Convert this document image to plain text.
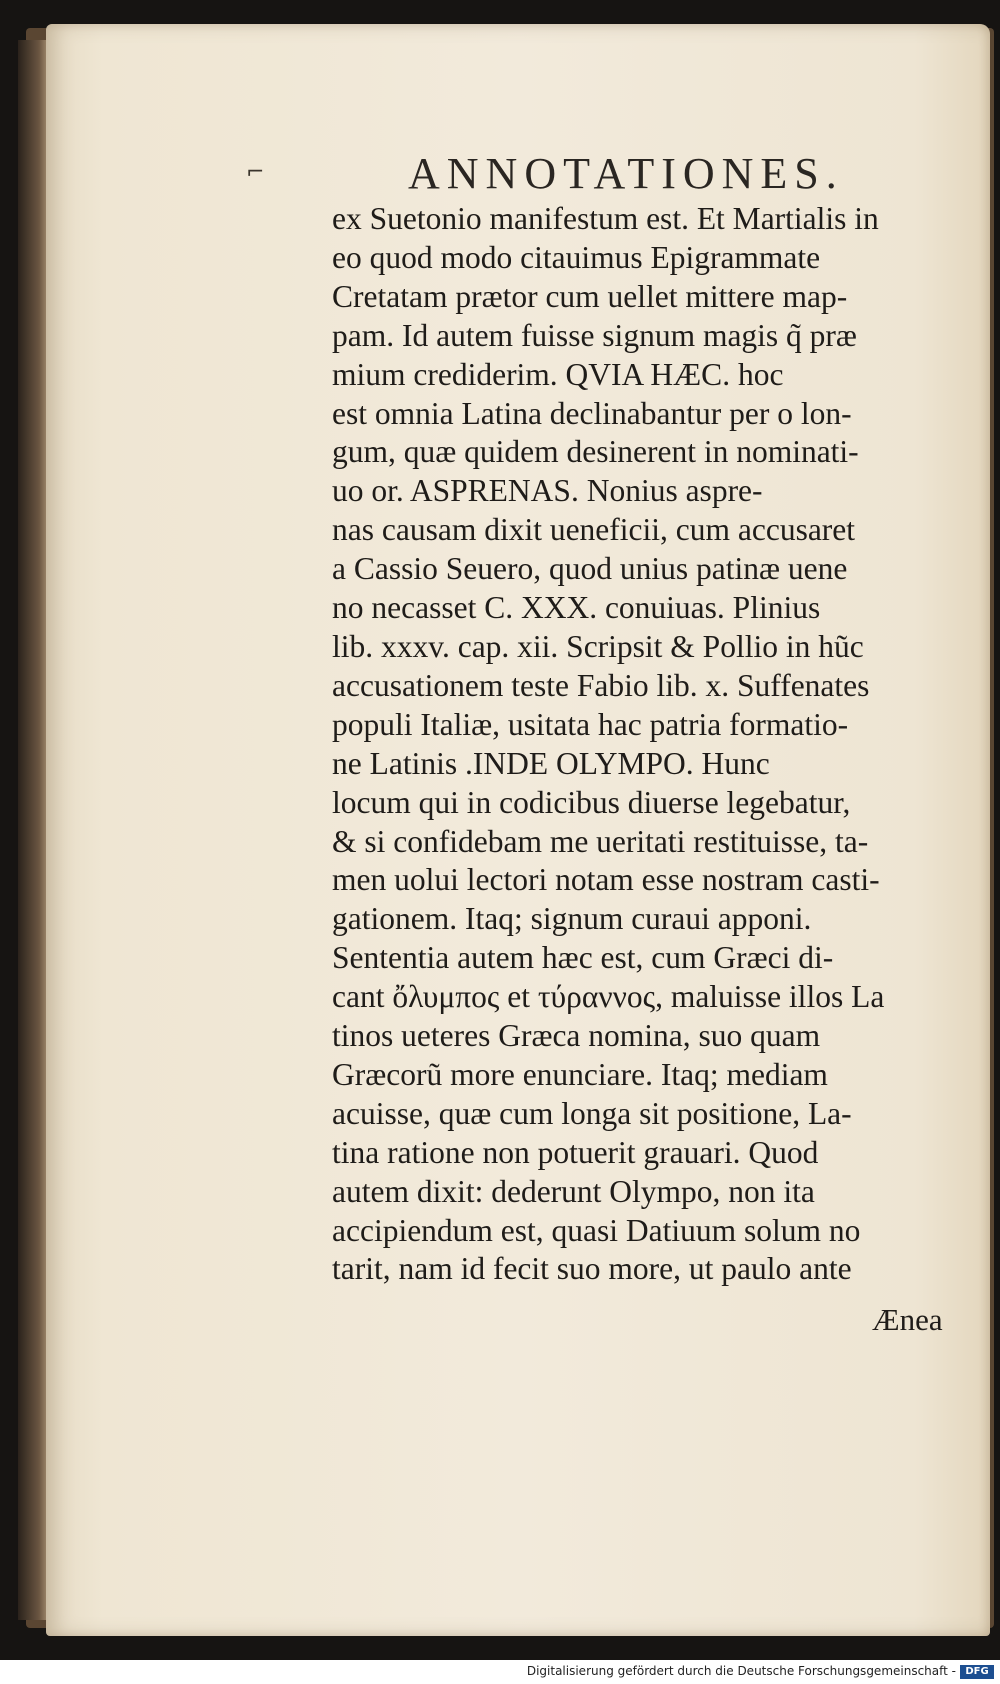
⌐	ANNOTATIONES.
ex Suetonio manifestum est. Et Martialis in
eo quod modo citauimus Epigrammate
Cretatam prætor cum uellet mittere map-
pam. Id autem fuisse signum magis q̃ præ
mium crediderim. QVIA HÆC. hoc
est omnia Latina declinabantur per o lon-
gum, quæ quidem desinerent in nominati-
uo or. ASPRENAS. Nonius aspre-
nas causam dixit ueneficii, cum accusaret
a Cassio Seuero, quod unius patinæ uene
no necasset C. XXX. conuiuas. Plinius
lib. xxxv. cap. xii. Scripsit & Pollio in hũc
accusationem teste Fabio lib. x. Suffenates
populi Italiæ, usitata hac patria formatio-
ne Latinis .INDE OLYMPO. Hunc
locum qui in codicibus diuerse legebatur,
& si confidebam me ueritati restituisse, ta-
men uolui lectori notam esse nostram casti-
gationem. Itaq; signum curaui apponi.
Sententia autem hæc est, cum Græci di-
cant ὄλυμπος et τύραννος, maluisse illos La
tinos ueteres Græca nomina, suo quam
Græcorũ more enunciare. Itaq; mediam
acuisse, quæ cum longa sit positione, La-
tina ratione non potuerit grauari. Quod
autem dixit: dederunt Olympo, non ita
accipiendum est, quasi Datiuum solum no
tarit, nam id fecit suo more, ut paulo ante
Ænea
Digitalisierung gefördert durch die Deutsche Forschungsgemeinschaft - DFG
